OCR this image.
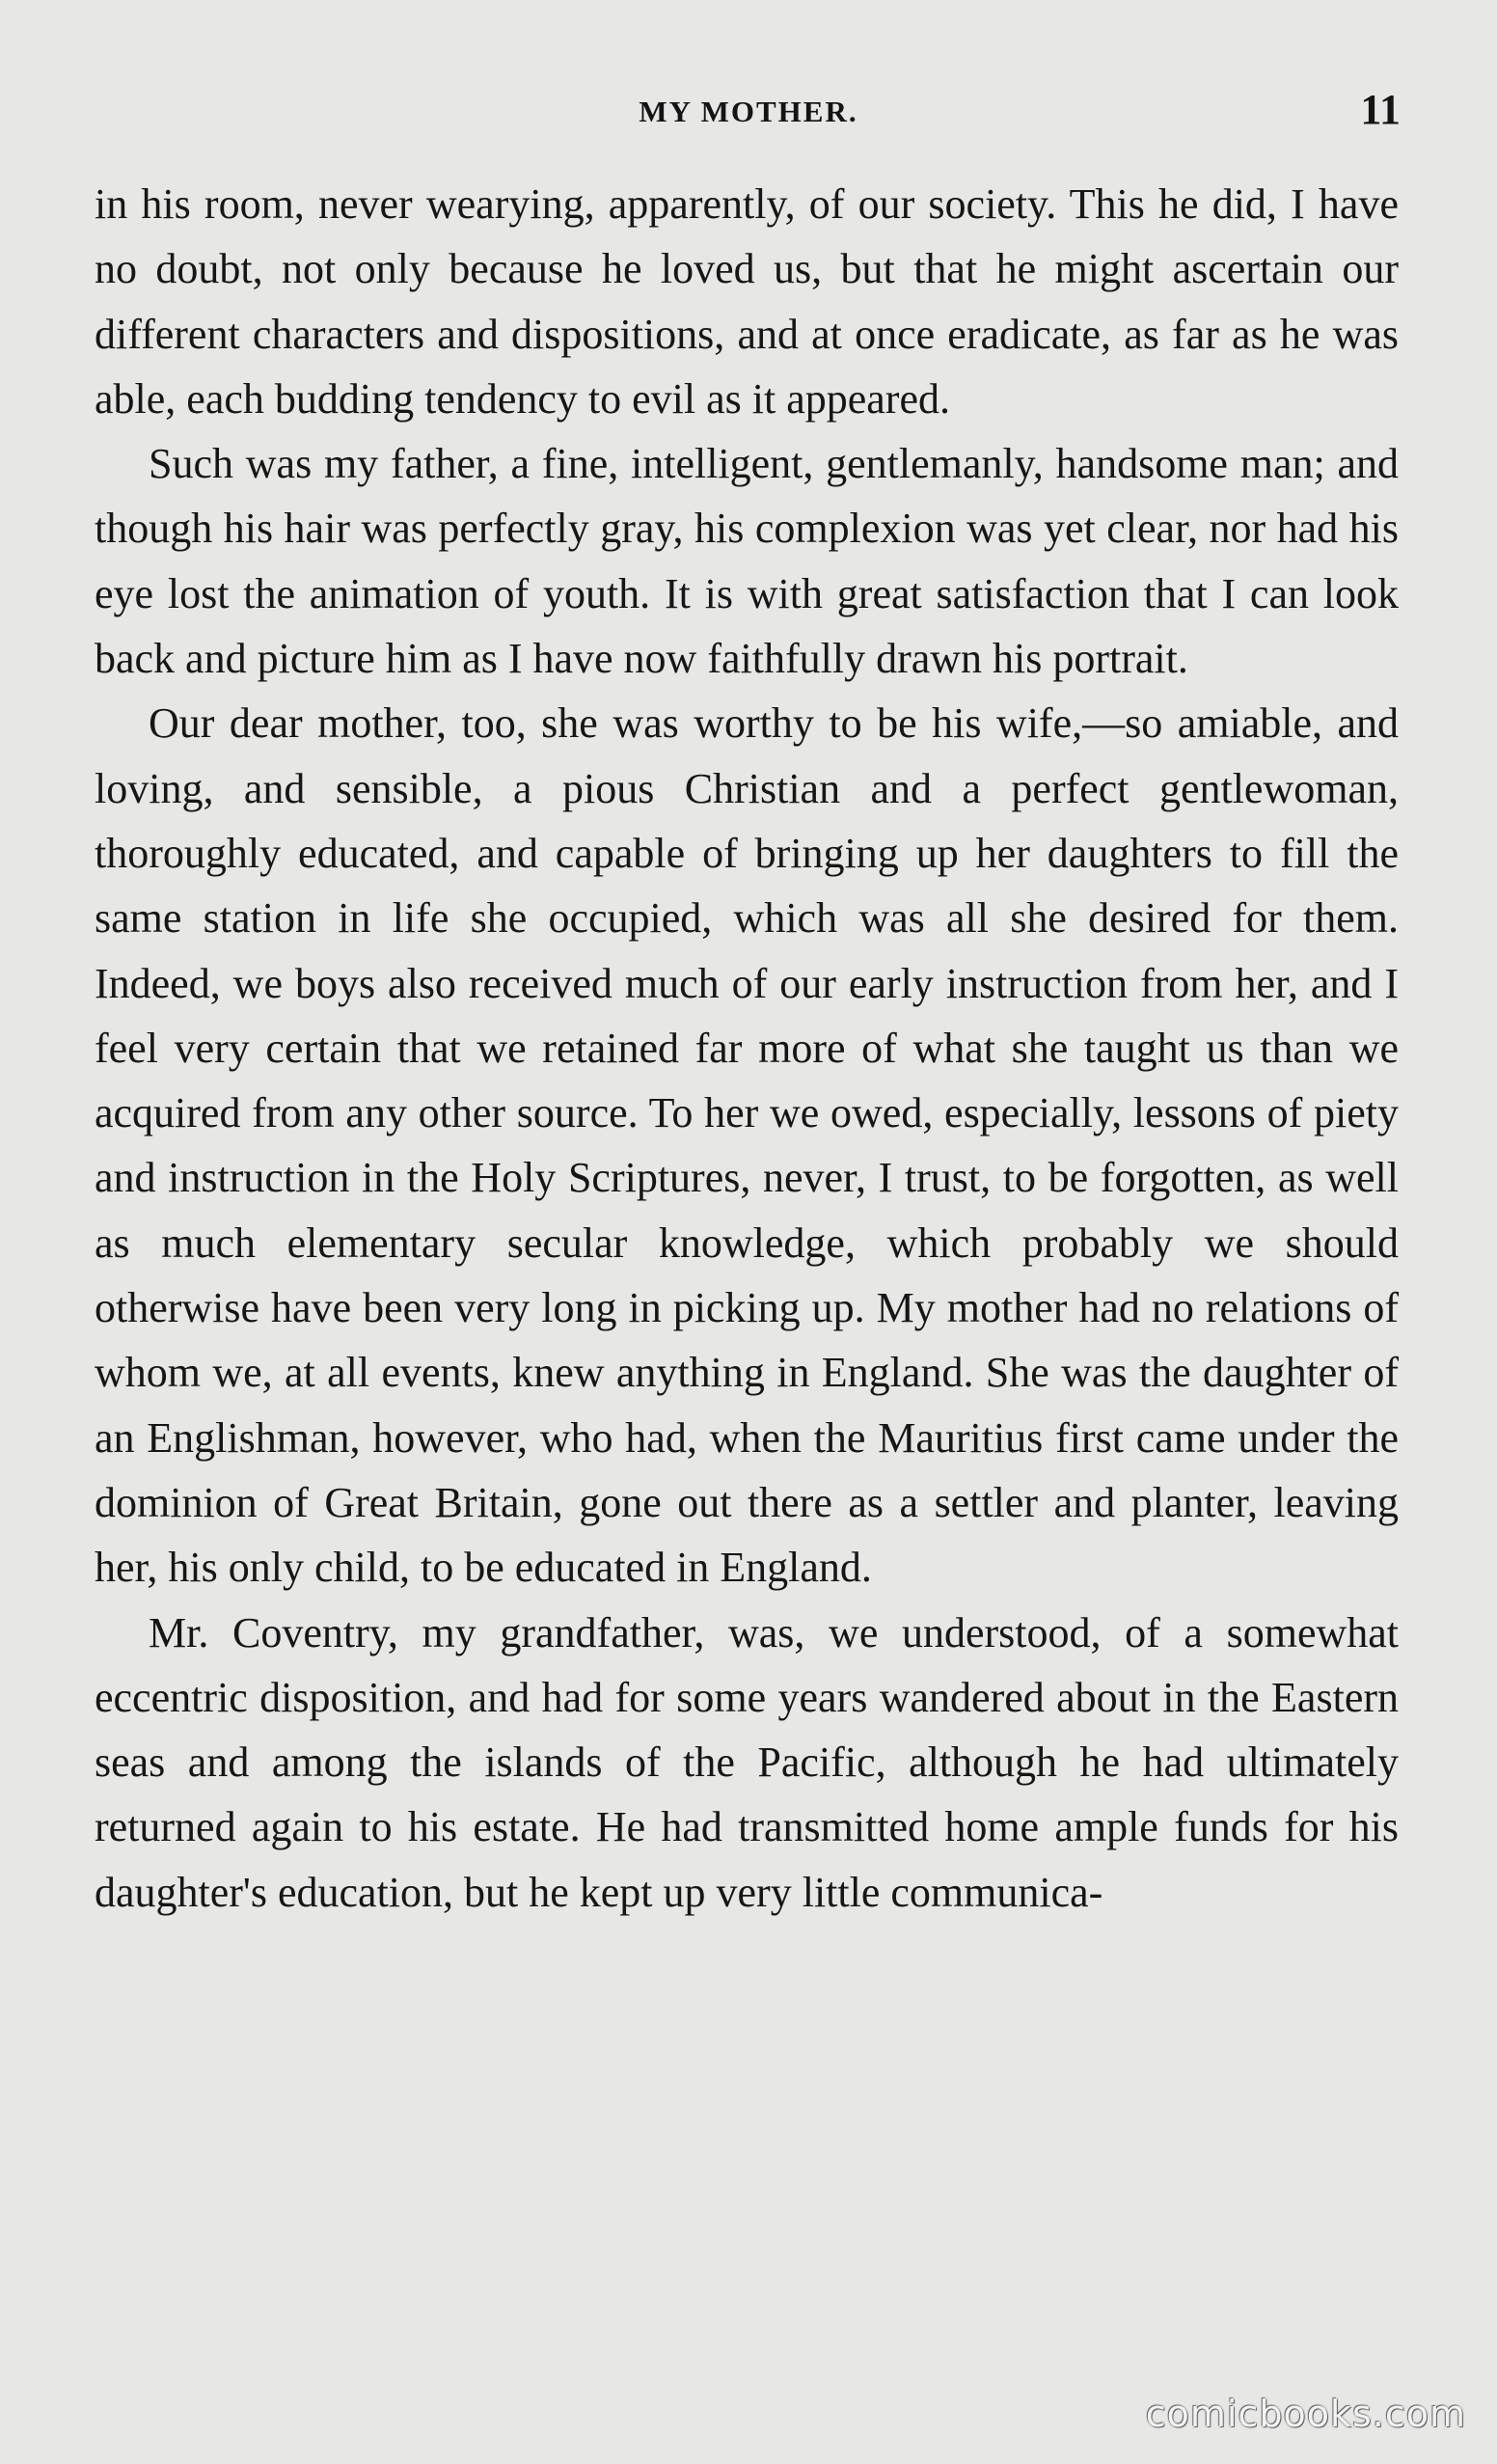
MY MOTHER.	11

in his room, never wearying, apparently, of our society. This he did, I have no doubt, not only because he loved us, but that he might ascertain our different characters and dispositions, and at once eradicate, as far as he was able, each budding tendency to evil as it appeared.

Such was my father, a fine, intelligent, gentlemanly, handsome man; and though his hair was perfectly gray, his complexion was yet clear, nor had his eye lost the animation of youth. It is with great satisfaction that I can look back and picture him as I have now faithfully drawn his portrait.

Our dear mother, too, she was worthy to be his wife,—so amiable, and loving, and sensible, a pious Christian and a perfect gentlewoman, thoroughly educated, and capable of bringing up her daughters to fill the same station in life she occupied, which was all she desired for them. Indeed, we boys also received much of our early instruction from her, and I feel very certain that we retained far more of what she taught us than we acquired from any other source. To her we owed, especially, lessons of piety and instruction in the Holy Scriptures, never, I trust, to be forgotten, as well as much elementary secular knowledge, which probably we should otherwise have been very long in picking up. My mother had no relations of whom we, at all events, knew anything in England. She was the daughter of an Englishman, however, who had, when the Mauritius first came under the dominion of Great Britain, gone out there as a settler and planter, leaving her, his only child, to be educated in England.

Mr. Coventry, my grandfather, was, we understood, of a somewhat eccentric disposition, and had for some years wandered about in the Eastern seas and among the islands of the Pacific, although he had ultimately returned again to his estate. He had transmitted home ample funds for his daughter's education, but he kept up very little communica-

comicbooks.com
